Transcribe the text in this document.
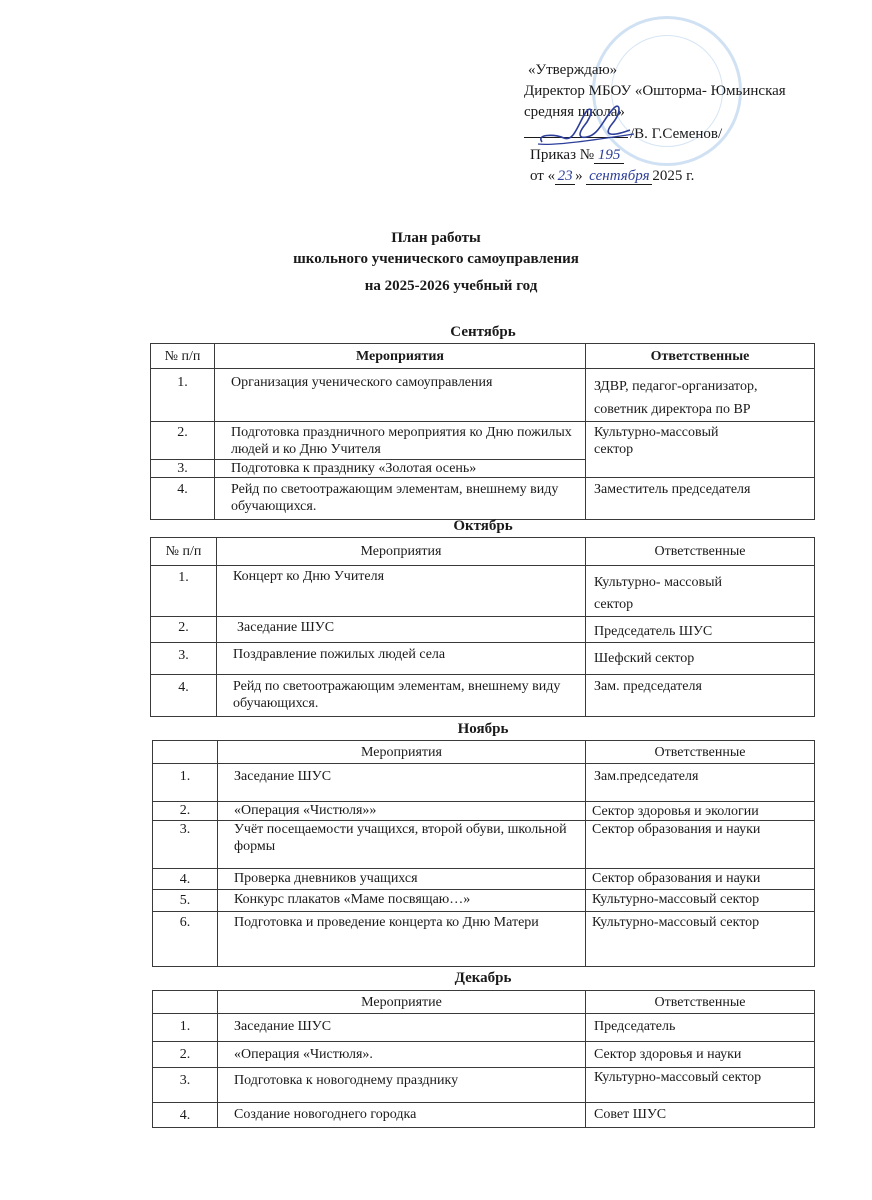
«Утверждаю»
Директор МБОУ «Ошторма- Юмьинская
средняя школа»
/В. Г.Семенов/
Приказ № 195
от « 23 » сентября 2025 г.
План работы
школьного ученического самоуправления
на 2025-2026 учебный год
Сентябрь
№ п/п	Мероприятия	Ответственные
1.	Организация ученического самоуправления	ЗДВР, педагог-организатор, советник директора по ВР
2.	Подготовка праздничного мероприятия ко Дню пожилых людей и ко Дню Учителя	Культурно-массовый сектор
3.	Подготовка к празднику «Золотая осень»	
4.	Рейд по светоотражающим элементам, внешнему виду обучающихся.	Заместитель председателя
Октябрь
№ п/п	Мероприятия	Ответственные
1.	Концерт ко Дню Учителя	Культурно- массовый сектор
2.	Заседание ШУС	Председатель ШУС
3.	Поздравление пожилых людей села	Шефский сектор
4.	Рейд по светоотражающим элементам, внешнему виду обучающихся.	Зам. председателя
Ноябрь
	Мероприятия	Ответственные
1.	Заседание ШУС	Зам.председателя
2.	«Операция «Чистюля»»	Сектор здоровья и экологии
3.	Учёт посещаемости учащихся, второй обуви, школьной формы	Сектор образования и науки
4.	Проверка дневников учащихся	Сектор образования и науки
5.	Конкурс плакатов «Маме посвящаю…»	Культурно-массовый сектор
6.	Подготовка и проведение концерта ко Дню Матери	Культурно-массовый сектор
Декабрь
	Мероприятие	Ответственные
1.	Заседание ШУС	Председатель
2.	«Операция «Чистюля».	Сектор здоровья и науки
3.	Подготовка к новогоднему празднику	Культурно-массовый сектор
4.	Создание новогоднего городка	Совет ШУС
